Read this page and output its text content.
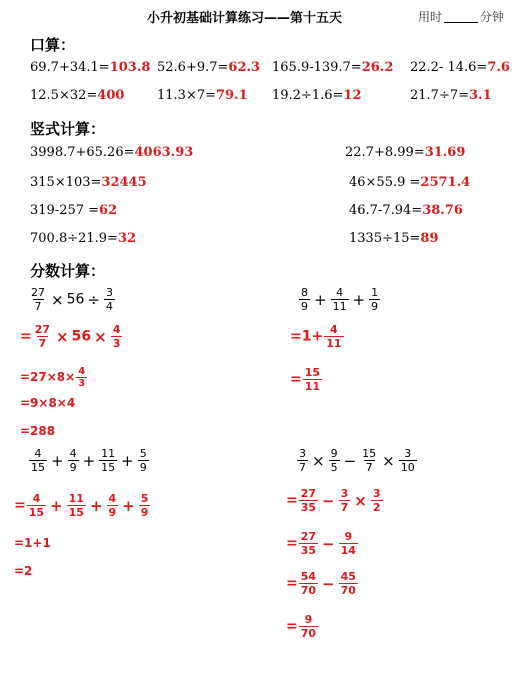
小升初基础计算练习——第十五天	用时	分钟
口算：
69.7+34.1=103.8 52.6+9.7=62.3 165.9-139.7=26.2 22.2- 14.6=7.6
12.5×32=400	11.3×7=79.1 19.2÷1.6=12	21.7÷7=3.1
竖式计算：
3998.7+65.26=4063.93	22.7+8.99=31.69
315×103=32445	46×55.9 =2571.4
319-257 =62	46.7-7.94=38.76
700.8÷21.9=32	1335÷15=89
分数计算：
$\frac{27}{7} \times 56 \div \frac{3}{4}$
= $\frac{27}{7} \times 56 \times \frac{4}{3}$
$=27\times 8\times \frac{4}{3}$
=9×8×4
=288
$\frac{8}{9} + \frac{4}{11} + \frac{1}{9}$
$=1+ \frac{4}{11}$
= $\frac{15}{11}$
$\frac{4}{15} + \frac{4}{9} + \frac{11}{15} + \frac{5}{9}$
= $\frac{4}{15} + \frac{11}{15} + \frac{4}{9} + \frac{5}{9}$
=1+1
=2
$\frac{3}{7} \times \frac{9}{5} - \frac{15}{7} \times \frac{3}{10}$
= $\frac{27}{35} - \frac{3}{7} \times \frac{3}{2}$
= $\frac{27}{35} - \frac{9}{14}$
= $\frac{54}{70} - \frac{45}{70}$
= $\frac{9}{70}$
